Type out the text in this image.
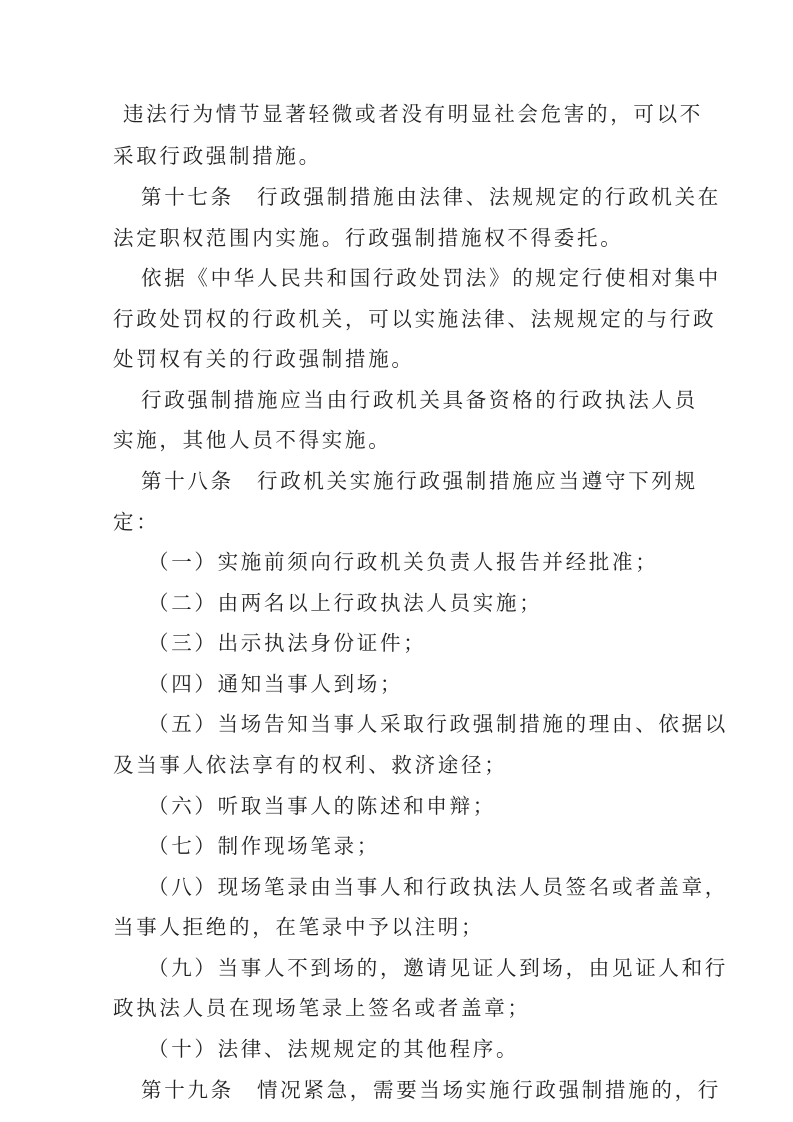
违法行为情节显著轻微或者没有明显社会危害的，可以不
采取行政强制措施。
第十七条　行政强制措施由法律、法规规定的行政机关在
法定职权范围内实施。行政强制措施权不得委托。
依据《中华人民共和国行政处罚法》的规定行使相对集中
行政处罚权的行政机关，可以实施法律、法规规定的与行政
处罚权有关的行政强制措施。
行政强制措施应当由行政机关具备资格的行政执法人员
实施，其他人员不得实施。
第十八条　行政机关实施行政强制措施应当遵守下列规
定：
（一）实施前须向行政机关负责人报告并经批准；
（二）由两名以上行政执法人员实施；
（三）出示执法身份证件；
（四）通知当事人到场；
（五）当场告知当事人采取行政强制措施的理由、依据以
及当事人依法享有的权利、救济途径；
（六）听取当事人的陈述和申辩；
（七）制作现场笔录；
（八）现场笔录由当事人和行政执法人员签名或者盖章，
当事人拒绝的，在笔录中予以注明；
（九）当事人不到场的，邀请见证人到场，由见证人和行
政执法人员在现场笔录上签名或者盖章；
（十）法律、法规规定的其他程序。
第十九条　情况紧急，需要当场实施行政强制措施的，行
